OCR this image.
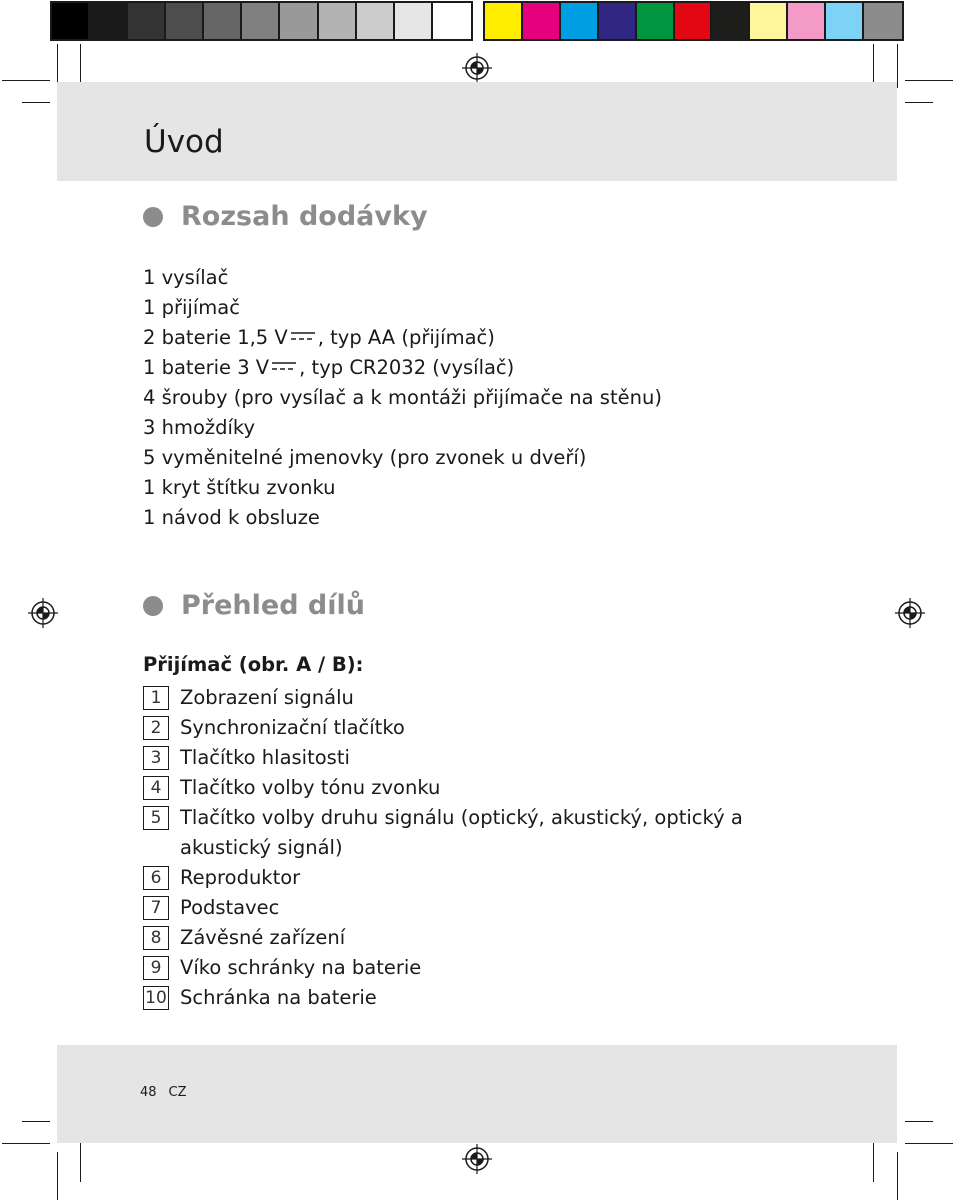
Úvod
Rozsah dodávky
1 vysílač
1 přijímač
2 baterie 1,5 V , typ AA (přijímač)
1 baterie 3 V , typ CR2032 (vysílač)
4 šrouby (pro vysílač a k montáži přijímače na stěnu)
3 hmoždíky
5 vyměnitelné jmenovky (pro zvonek u dveří)
1 kryt štítku zvonku
1 návod k obsluze
Přehled dílů

Přijímač (obr. A / B):

1 Zobrazení signálu
2 Synchronizační tlačítko
3 Tlačítko hlasitosti
4 Tlačítko volby tónu zvonku
5 Tlačítko volby druhu signálu (optický, akustický, optický a akustický signál)
6 Reproduktor
7 Podstavec
8 Závěsné zařízení
9 Víko schránky na baterie
10 Schránka na baterie
48 CZ
